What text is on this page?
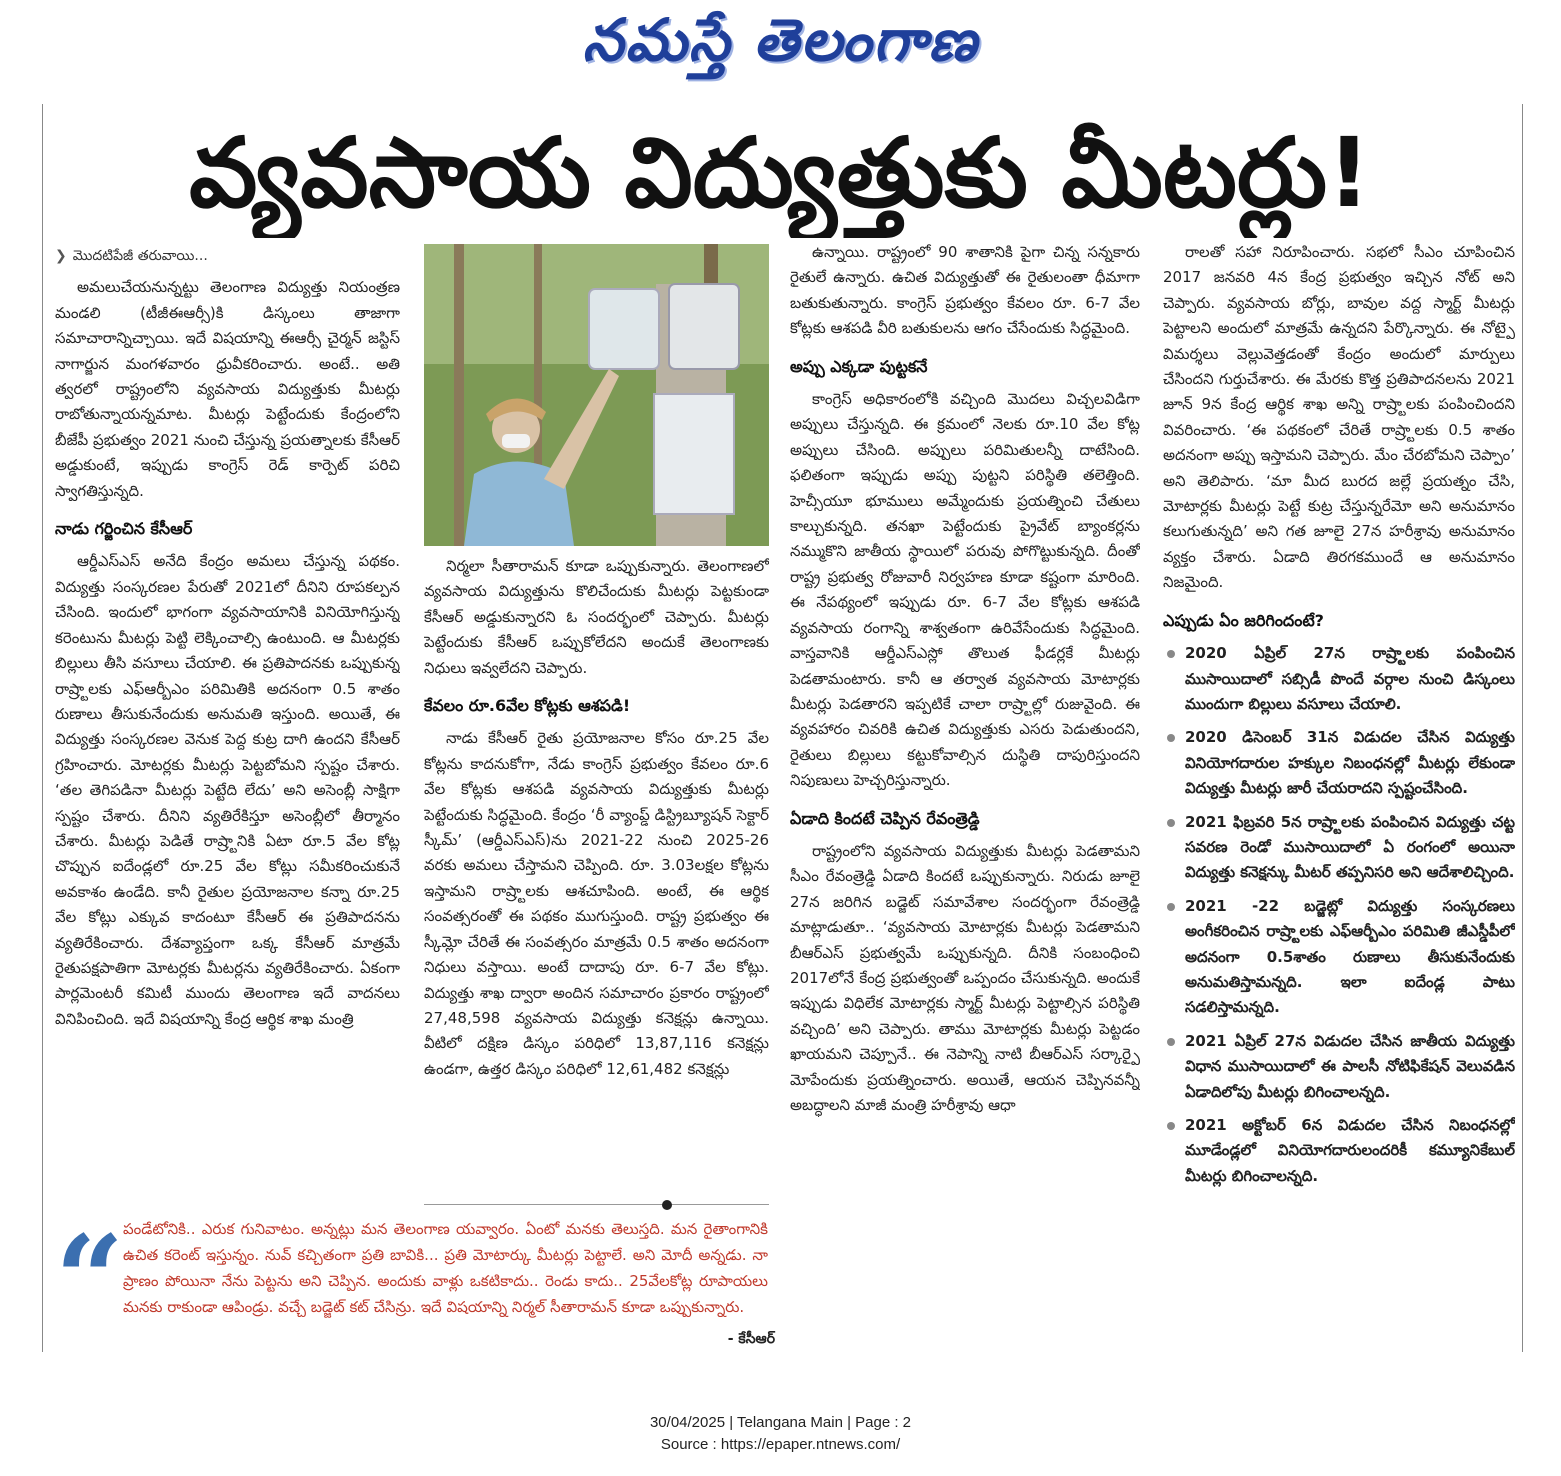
నమస్తే తెలంగాణ
వ్యవసాయ విద్యుత్తుకు మీటర్లు!
❯ మొదటిపేజీ తరువాయి...

అమలుచేయనున్నట్టు తెలంగాణ విద్యుత్తు నియంత్రణ మండలి (టీజీఈఆర్సీ)కి డిస్కంలు తాజాగా సమాచారాన్నిచ్చాయి. ఇదే విషయాన్ని ఈఆర్సీ చైర్మన్ జస్టిస్ నాగార్జున మంగళవారం ధ్రువీకరించారు. అంటే.. అతి త్వరలో రాష్ట్రంలోని వ్యవసాయ విద్యుత్తుకు మీటర్లు రాబోతున్నాయన్నమాట. మీటర్లు పెట్టేందుకు కేంద్రంలోని బీజేపీ ప్రభుత్వం 2021 నుంచి చేస్తున్న ప్రయత్నాలకు కేసీఆర్ అడ్డుకుంటే, ఇప్పుడు కాంగ్రెస్ రెడ్ కార్పెట్ పరిచి స్వాగతిస్తున్నది.

నాడు గర్జించిన కేసీఆర్

ఆర్డీఎస్ఎస్ అనేది కేంద్రం అమలు చేస్తున్న పథకం. విద్యుత్తు సంస్కరణల పేరుతో 2021లో దీనిని రూపకల్పన చేసింది. ఇందులో భాగంగా వ్యవసాయానికి వినియోగిస్తున్న కరెంటును మీటర్లు పెట్టి లెక్కించాల్సి ఉంటుంది. ఆ మీటర్లకు బిల్లులు తీసి వసూలు చేయాలి. ఈ ప్రతిపాదనకు ఒప్పుకున్న రాష్ర్టాలకు ఎఫ్ఆర్బీఎం పరిమితికి అదనంగా 0.5 శాతం రుణాలు తీసుకునేందుకు అనుమతి ఇస్తుంది. అయితే, ఈ విద్యుత్తు సంస్కరణల వెనుక పెద్ద కుట్ర దాగి ఉందని కేసీఆర్ గ్రహించారు. మోటర్లకు మీటర్లు పెట్టబోమని స్పష్టం చేశారు. ‘తల తెగిపడినా మీటర్లు పెట్టేది లేదు’ అని అసెంబ్లీ సాక్షిగా స్పష్టం చేశారు. దీనిని వ్యతిరేకిస్తూ అసెంబ్లీలో తీర్మానం చేశారు. మీటర్లు పెడితే రాష్ర్టానికి ఏటా రూ.5 వేల కోట్ల చొప్పున ఐదేండ్లలో రూ.25 వేల కోట్లు సమీకరించుకునే అవకాశం ఉండేది. కానీ రైతుల ప్రయోజనాల కన్నా రూ.25 వేల కోట్లు ఎక్కువ కాదంటూ కేసీఆర్ ఈ ప్రతిపాదనను వ్యతిరేకించారు. దేశవ్యాప్తంగా ఒక్క కేసీఆర్ మాత్రమే రైతుపక్షపాతిగా మోటర్లకు మీటర్లను వ్యతిరేకించారు. ఏకంగా పార్లమెంటరీ కమిటీ ముందు తెలంగాణ ఇదే వాదనలు వినిపించింది. ఇదే విషయాన్ని కేంద్ర ఆర్థిక శాఖ మంత్రి

నిర్మలా సీతారామన్ కూడా ఒప్పుకున్నారు. తెలంగాణలో వ్యవసాయ విద్యుత్తును కొలిచేందుకు మీటర్లు పెట్టకుండా కేసీఆర్ అడ్డుకున్నారని ఓ సందర్భంలో చెప్పారు. మీటర్లు పెట్టేందుకు కేసీఆర్ ఒప్పుకోలేదని అందుకే తెలంగాణకు నిధులు ఇవ్వలేదని చెప్పారు.

కేవలం రూ.6వేల కోట్లకు ఆశపడి!

నాడు కేసీఆర్ రైతు ప్రయోజనాల కోసం రూ.25 వేల కోట్లను కాదనుకోగా, నేడు కాంగ్రెస్ ప్రభుత్వం కేవలం రూ.6 వేల కోట్లకు ఆశపడి వ్యవసాయ విద్యుత్తుకు మీటర్లు పెట్టేందుకు సిద్ధమైంది. కేంద్రం ‘రీ వ్యాంప్డ్ డిస్ట్రిబ్యూషన్ సెక్టార్ స్కీమ్’ (ఆర్డీఎస్ఎస్)ను 2021-22 నుంచి 2025-26 వరకు అమలు చేస్తామని చెప్పింది. రూ. 3.03లక్షల కోట్లను ఇస్తామని రాష్ర్టాలకు ఆశచూపింది. అంటే, ఈ ఆర్థిక సంవత్సరంతో ఈ పథకం ముగుస్తుంది. రాష్ట్ర ప్రభుత్వం ఈ స్కీమ్లో చేరితే ఈ సంవత్సరం మాత్రమే 0.5 శాతం అదనంగా నిధులు వస్తాయి. అంటే దాదాపు రూ. 6-7 వేల కోట్లు. విద్యుత్తు శాఖ ద్వారా అందిన సమాచారం ప్రకారం రాష్ట్రంలో 27,48,598 వ్యవసాయ విద్యుత్తు కనెక్షన్లు ఉన్నాయి. వీటిలో దక్షిణ డిస్కం పరిధిలో 13,87,116 కనెక్షన్లు ఉండగా, ఉత్తర డిస్కం పరిధిలో 12,61,482 కనెక్షన్లు

ఉన్నాయి. రాష్ట్రంలో 90 శాతానికి పైగా చిన్న సన్నకారు రైతులే ఉన్నారు. ఉచిత విద్యుత్తుతో ఈ రైతులంతా ధీమాగా బతుకుతున్నారు. కాంగ్రెస్ ప్రభుత్వం కేవలం రూ. 6-7 వేల కోట్లకు ఆశపడి వీరి బతుకులను ఆగం చేసేందుకు సిద్ధమైంది.

అప్పు ఎక్కడా పుట్టకనే

కాంగ్రెస్ అధికారంలోకి వచ్చింది మొదలు విచ్చలవిడిగా అప్పులు చేస్తున్నది. ఈ క్రమంలో నెలకు రూ.10 వేల కోట్ల అప్పులు చేసింది. అప్పులు పరిమితులన్నీ దాటేసింది. ఫలితంగా ఇప్పుడు అప్పు పుట్టని పరిస్థితి తలెత్తింది. హెచ్సీయూ భూములు అమ్మేందుకు ప్రయత్నించి చేతులు కాల్చుకున్నది. తనఖా పెట్టేందుకు ప్రైవేట్ బ్యాంకర్లను నమ్ముకొని జాతీయ స్థాయిలో పరువు పోగొట్టుకున్నది. దీంతో రాష్ట్ర ప్రభుత్వ రోజువారీ నిర్వహణ కూడా కష్టంగా మారింది. ఈ నేపథ్యంలో ఇప్పుడు రూ. 6-7 వేల కోట్లకు ఆశపడి వ్యవసాయ రంగాన్ని శాశ్వతంగా ఉరివేసేందుకు సిద్ధమైంది. వాస్తవానికి ఆర్డీఎస్ఎస్లో తొలుత ఫీడర్లకే మీటర్లు పెడతామంటారు. కానీ ఆ తర్వాత వ్యవసాయ మోటార్లకు మీటర్లు పెడతారని ఇప్పటికే చాలా రాష్ర్టాల్లో రుజువైంది. ఈ వ్యవహారం చివరికి ఉచిత విద్యుత్తుకు ఎసరు పెడుతుందని, రైతులు బిల్లులు కట్టుకోవాల్సిన దుస్థితి దాపురిస్తుందని నిపుణులు హెచ్చరిస్తున్నారు.

ఏడాది కిందటే చెప్పిన రేవంత్రెడ్డి

రాష్ట్రంలోని వ్యవసాయ విద్యుత్తుకు మీటర్లు పెడతామని సీఎం రేవంత్రెడ్డి ఏడాది కిందటే ఒప్పుకున్నారు. నిరుడు జూలై 27న జరిగిన బడ్జెట్ సమావేశాల సందర్భంగా రేవంత్రెడ్డి మాట్లాడుతూ.. ‘వ్యవసాయ మోటార్లకు మీటర్లు పెడతామని బీఆర్ఎస్ ప్రభుత్వమే ఒప్పుకున్నది. దీనికి సంబంధించి 2017లోనే కేంద్ర ప్రభుత్వంతో ఒప్పందం చేసుకున్నది. అందుకే ఇప్పుడు విధిలేక మోటార్లకు స్మార్ట్ మీటర్లు పెట్టాల్సిన పరిస్థితి వచ్చింది’ అని చెప్పారు. తాము మోటార్లకు మీటర్లు పెట్టడం ఖాయమని చెప్పూనే.. ఈ నెపాన్ని నాటి బీఆర్ఎస్ సర్కార్పై మోపేందుకు ప్రయత్నించారు. అయితే, ఆయన చెప్పినవన్నీ అబద్ధాలని మాజీ మంత్రి హరీశ్రావు ఆధా

రాలతో సహా నిరూపించారు. సభలో సీఎం చూపించిన 2017 జనవరి 4న కేంద్ర ప్రభుత్వం ఇచ్చిన నోట్ అని చెప్పారు. వ్యవసాయ బోర్లు, బావుల వద్ద స్మార్ట్ మీటర్లు పెట్టాలని అందులో మాత్రమే ఉన్నదని పేర్కొన్నారు. ఈ నోట్పై విమర్శలు వెల్లువెత్తడంతో కేంద్రం అందులో మార్పులు చేసిందని గుర్తుచేశారు. ఈ మేరకు కొత్త ప్రతిపాదనలను 2021 జూన్ 9న కేంద్ర ఆర్థిక శాఖ అన్ని రాష్ర్టాలకు పంపించిందని వివరించారు. ‘ఈ పథకంలో చేరితే రాష్ర్టాలకు 0.5 శాతం అదనంగా అప్పు ఇస్తామని చెప్పారు. మేం చేరబోమని చెప్పాం’ అని తెలిపారు. ‘మా మీద బురద జల్లే ప్రయత్నం చేసి, మోటార్లకు మీటర్లు పెట్టే కుట్ర చేస్తున్నరేమో అని అనుమానం కలుగుతున్నది’ అని గత జూలై 27న హరీశ్రావు అనుమానం వ్యక్తం చేశారు. ఏడాది తిరగకముందే ఆ అనుమానం నిజమైంది.

ఎప్పుడు ఏం జరిగిందంటే?
2020 ఏప్రిల్ 27న రాష్ర్టాలకు పంపించిన ముసాయిదాలో సబ్సిడీ పొందే వర్గాల నుంచి డిస్కంలు ముందుగా బిల్లులు వసూలు చేయాలి.
2020 డిసెంబర్ 31న విడుదల చేసిన విద్యుత్తు వినియోగదారుల హక్కుల నిబంధనల్లో మీటర్లు లేకుండా విద్యుత్తు మీటర్లు జారీ చేయరాదని స్పష్టంచేసింది.
2021 ఫిబ్రవరి 5న రాష్ర్టాలకు పంపించిన విద్యుత్తు చట్ట సవరణ రెండో ముసాయిదాలో ఏ రంగంలో అయినా విద్యుత్తు కనెక్షన్కు మీటర్ తప్పనిసరి అని ఆదేశాలిచ్చింది.
2021 -22 బడ్జెట్లో విద్యుత్తు సంస్కరణలు అంగీకరించిన రాష్ర్టాలకు ఎఫ్ఆర్బీఎం పరిమితి జీఎస్డీపీలో అదనంగా 0.5శాతం రుణాలు తీసుకునేందుకు అనుమతిస్తామన్నది. ఇలా ఐదేండ్ల పాటు సడలిస్తామన్నది.
2021 ఏప్రిల్ 27న విడుదల చేసిన జాతీయ విద్యుత్తు విధాన ముసాయిదాలో ఈ పాలసీ నోటిఫికేషన్ వెలువడిన ఏడాదిలోపు మీటర్లు బిగించాలన్నది.
2021 అక్టోబర్ 6న విడుదల చేసిన నిబంధనల్లో మూడేండ్లలో వినియోగదారులందరికీ కమ్యూనికేబుల్ మీటర్లు బిగించాలన్నది.
“
పండేటోనికి.. ఎరుక గునివాటం. అన్నట్లు మన తెలంగాణ యవ్వారం. ఏంటో మనకు తెలుస్తది. మన రైతాంగానికి ఉచిత కరెంట్ ఇస్తున్నం. నువ్ కచ్చితంగా ప్రతి బావికి... ప్రతి మోటార్కు మీటర్లు పెట్టాలే. అని మోదీ అన్నడు. నా ప్రాణం పోయినా నేను పెట్టను అని చెప్పిన. అందుకు వాళ్లు ఒకటికాదు.. రెండు కాదు.. 25వేలకోట్ల రూపాయలు మనకు రాకుండా ఆపిండ్రు. వచ్చే బడ్జెట్ కట్ చేసిన్రు. ఇదే విషయాన్ని నిర్మల్ సీతారామన్ కూడా ఒప్పుకున్నారు.
- కేసీఆర్
30/04/2025 | Telangana Main | Page : 2
Source : https://epaper.ntnews.com/
